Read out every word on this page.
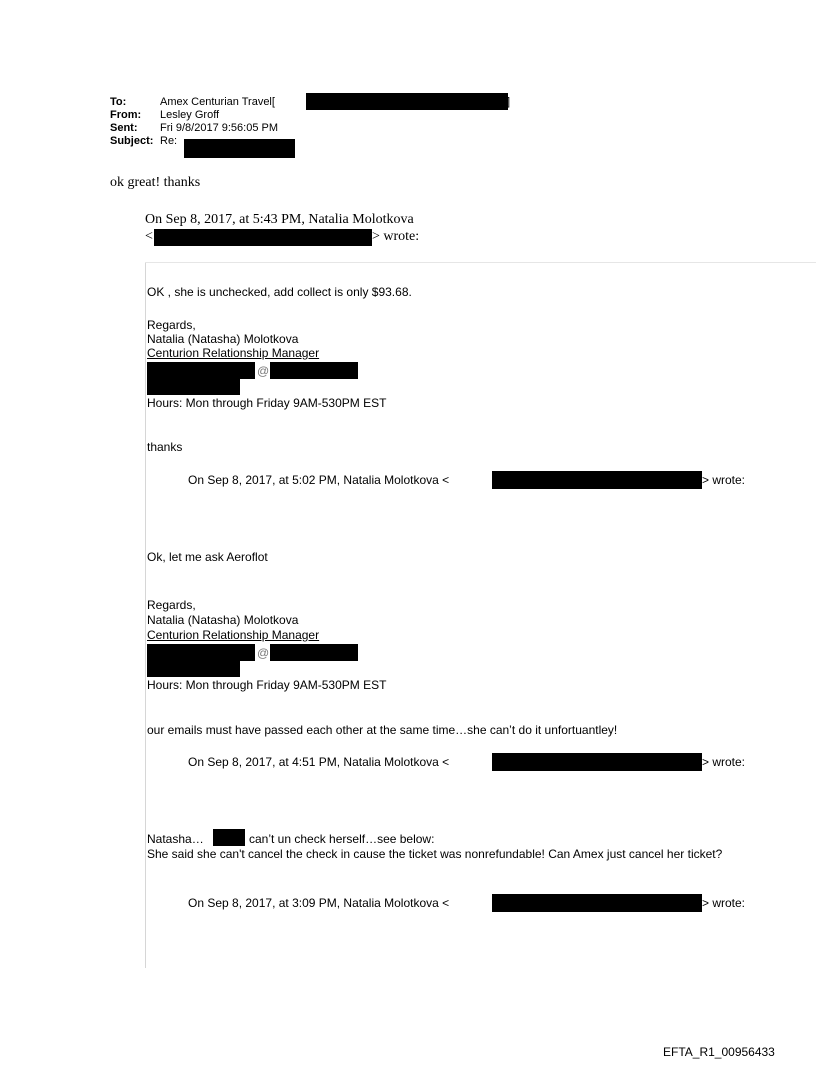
To:	Amex Centurian Travel[	]
From: Lesley Groff
Sent: Fri 9/8/2017 9:56:05 PM
Subject: Re:
ok great! thanks
On Sep 8, 2017, at 5:43 PM, Natalia Molotkova
<	> wrote:
OK , she is unchecked, add collect is only $93.68.
Regards,
Natalia (Natasha) Molotkova
Centurion Relationship Manager
@
Hours: Mon through Friday 9AM-530PM EST
thanks
On Sep 8, 2017, at 5:02 PM, Natalia Molotkova <	> wrote:
Ok, let me ask Aeroflot
Regards,
Natalia (Natasha) Molotkova
Centurion Relationship Manager
@
Hours: Mon through Friday 9AM-530PM EST
our emails must have passed each other at the same time…she can’t do it unfortuantley!
On Sep 8, 2017, at 4:51 PM, Natalia Molotkova <	> wrote:
Natasha…	can’t un check herself…see below:
She said she can't cancel the check in cause the ticket was nonrefundable! Can Amex just cancel her ticket?
On Sep 8, 2017, at 3:09 PM, Natalia Molotkova <	> wrote:
EFTA_R1_00956433
